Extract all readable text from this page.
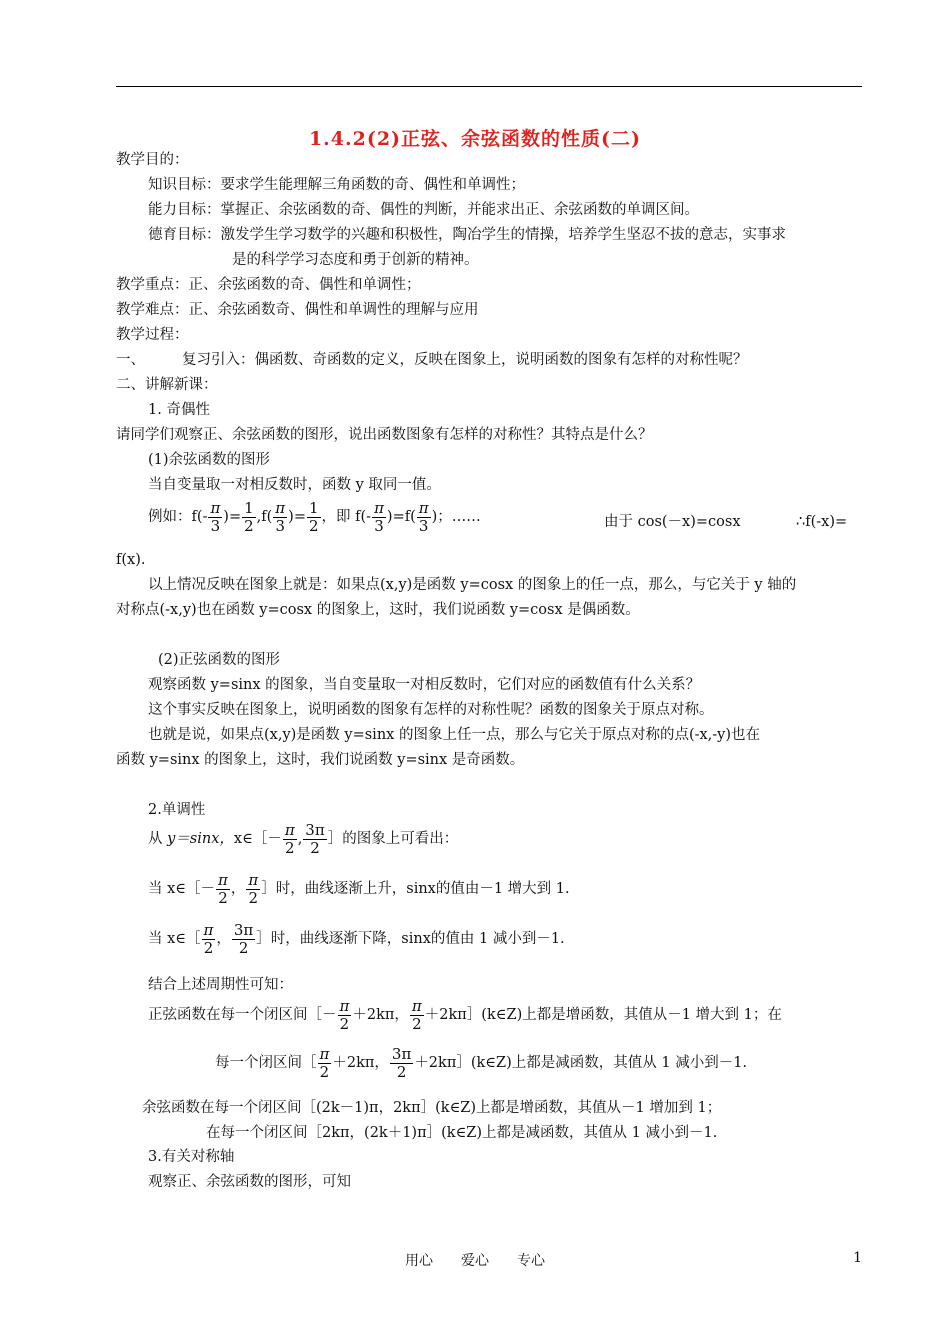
1.4.2(2)正弦、余弦函数的性质(二)
教学目的：
知识目标：要求学生能理解三角函数的奇、偶性和单调性；
能力目标：掌握正、余弦函数的奇、偶性的判断，并能求出正、余弦函数的单调区间。
德育目标：激发学生学习数学的兴趣和积极性，陶冶学生的情操，培养学生坚忍不拔的意志，实事求
是的科学学习态度和勇于创新的精神。
教学重点：正、余弦函数的奇、偶性和单调性；
教学难点：正、余弦函数奇、偶性和单调性的理解与应用
教学过程：
一、	复习引入：偶函数、奇函数的定义，反映在图象上，说明函数的图象有怎样的对称性呢？
二、讲解新课：
1. 奇偶性
请同学们观察正、余弦函数的图形，说出函数图象有怎样的对称性？其特点是什么？
(1)余弦函数的图形
当自变量取一对相反数时，函数 y 取同一值。
例如：$f(- \frac{\pi}{3}$ )= $\frac{1}{2} ,f( \frac{\pi}{3}$ )= $\frac{1}{2}$ ，即 $f(- \frac{\pi}{3} )=f( \frac{\pi}{3}$ )；……	由于 cos(－x)=cosx	∴f(-x)=
f(x).
以上情况反映在图象上就是：如果点(x,y)是函数 y=cosx 的图象上的任一点，那么，与它关于 y 轴的
对称点(-x,y)也在函数 y=cosx 的图象上，这时，我们说函数 y=cosx 是偶函数。
(2)正弦函数的图形
观察函数 y=sinx 的图象，当自变量取一对相反数时，它们对应的函数值有什么关系？
这个事实反映在图象上，说明函数的图象有怎样的对称性呢？函数的图象关于原点对称。
也就是说，如果点(x,y)是函数 y=sinx 的图象上任一点，那么与它关于原点对称的点(-x,-y)也在
函数 y=sinx 的图象上，这时，我们说函数 y=sinx 是奇函数。
2.单调性
从 y＝sinx，x∈［－ $\frac{\pi}{2}$ , $\frac{3\pi}{2}$ ］的图象上可看出：
当 x∈［－ $\frac{\pi}{2}$ ， $\frac{\pi}{2}$ ］时，曲线逐渐上升，sinx的值由－1 增大到 1.
当 x∈［ $\frac{\pi}{2}$ ， $\frac{3\pi}{2}$ ］时，曲线逐渐下降，sinx的值由 1 减小到－1.
结合上述周期性可知：
正弦函数在每一个闭区间［－ $\frac{\pi}{2} +2k\pi$， $\frac{\pi}{2}$ ＋2kπ］(k∈Z)上都是增函数，其值从－1 增大到 1；在
每一个闭区间［ $\frac{\pi}{2} +2k\pi$， $\frac{3\pi}{2}$ ＋2kπ］(k∈Z)上都是减函数，其值从 1 减小到－1.
余弦函数在每一个闭区间［(2k－1)π，2kπ］(k∈Z)上都是增函数，其值从－1 增加到 1；
在每一个闭区间［2kπ，(2k＋1)π］(k∈Z)上都是减函数，其值从 1 减小到－1.
3.有关对称轴
观察正、余弦函数的图形，可知
用心　　爱心　　专心	1
